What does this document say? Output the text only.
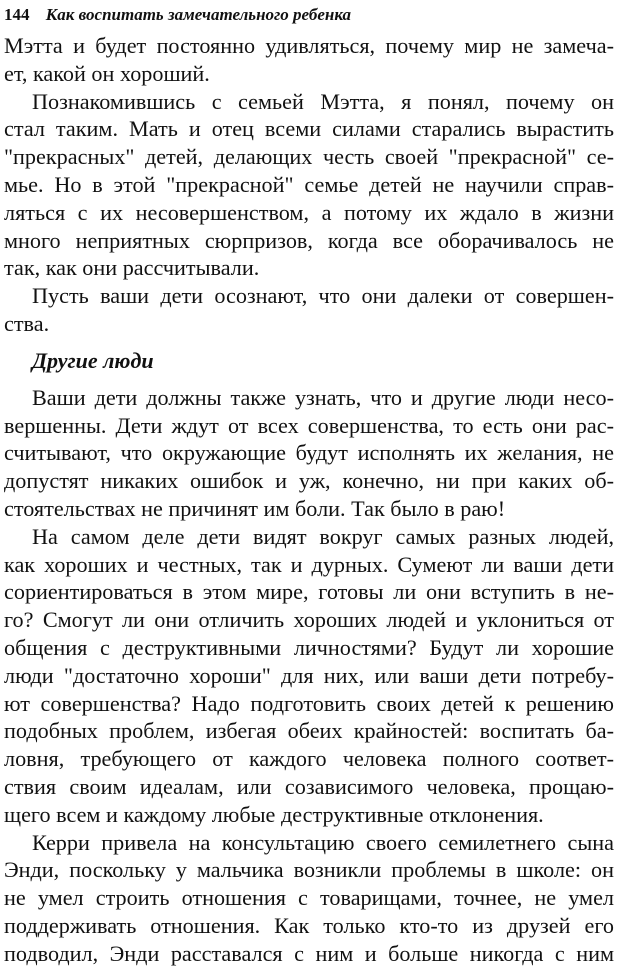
144 Как воспитать замечательного ребенка
Мэтта и будет постоянно удивляться, почему мир не замеча-
ет, какой он хороший.
Познакомившись с семьей Мэтта, я понял, почему он
стал таким. Мать и отец всеми силами старались вырастить
"прекрасных" детей, делающих честь своей "прекрасной" се-
мье. Но в этой "прекрасной" семье детей не научили справ-
ляться с их несовершенством, а потому их ждало в жизни
много неприятных сюрпризов, когда все оборачивалось не
так, как они рассчитывали.
Пусть ваши дети осознают, что они далеки от совершен-
ства.
Другие люди
Ваши дети должны также узнать, что и другие люди несо-
вершенны. Дети ждут от всех совершенства, то есть они рас-
считывают, что окружающие будут исполнять их желания, не
допустят никаких ошибок и уж, конечно, ни при каких об-
стоятельствах не причинят им боли. Так было в раю!
На самом деле дети видят вокруг самых разных людей,
как хороших и честных, так и дурных. Сумеют ли ваши дети
сориентироваться в этом мире, готовы ли они вступить в не-
го? Смогут ли они отличить хороших людей и уклониться от
общения с деструктивными личностями? Будут ли хорошие
люди "достаточно хороши" для них, или ваши дети потребу-
ют совершенства? Надо подготовить своих детей к решению
подобных проблем, избегая обеих крайностей: воспитать ба-
ловня, требующего от каждого человека полного соответ-
ствия своим идеалам, или созависимого человека, прощаю-
щего всем и каждому любые деструктивные отклонения.
Керри привела на консультацию своего семилетнего сына
Энди, поскольку у мальчика возникли проблемы в школе: он
не умел строить отношения с товарищами, точнее, не умел
поддерживать отношения. Как только кто-то из друзей его
подводил, Энди расставался с ним и больше никогда с ним
